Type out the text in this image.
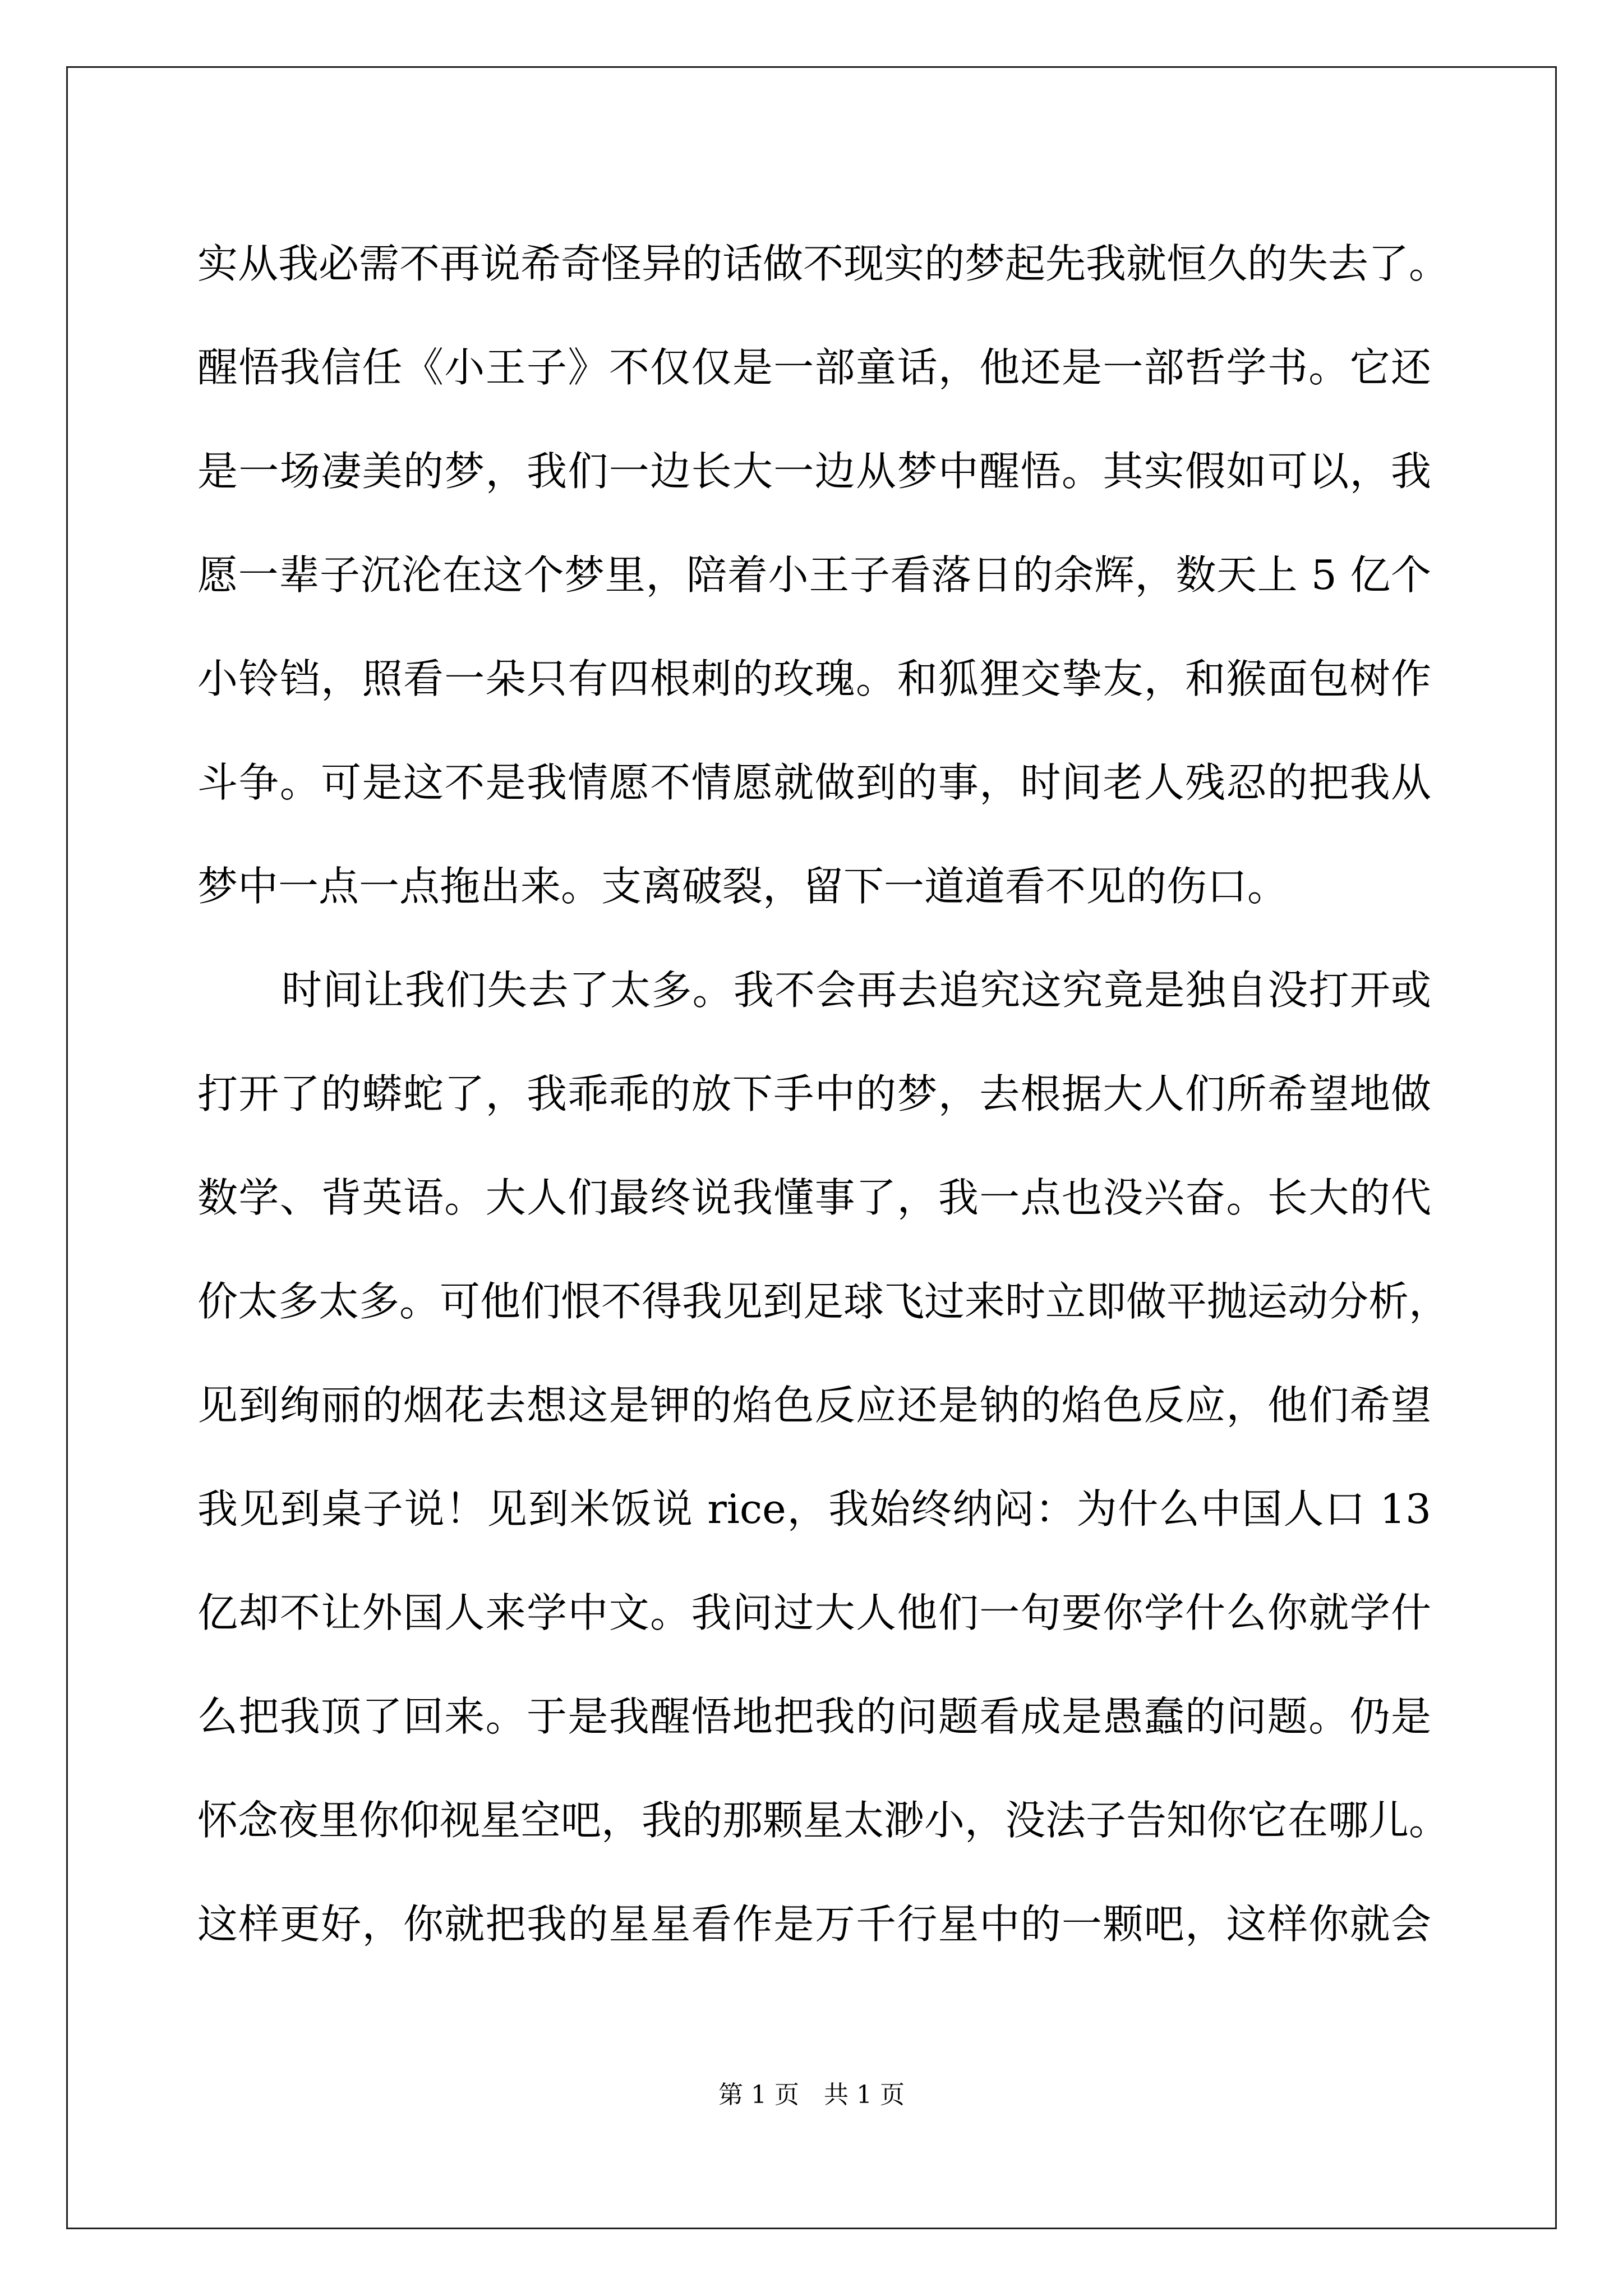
实从我必需不再说希奇怪异的话做不现实的梦起先我就恒久的失去了。
醒悟我信任《小王子》不仅仅是一部童话，他还是一部哲学书。它还
是一场凄美的梦，我们一边长大一边从梦中醒悟。其实假如可以，我
愿一辈子沉沦在这个梦里，陪着小王子看落日的余辉，数天上 5 亿个
小铃铛，照看一朵只有四根刺的玫瑰。和狐狸交挚友，和猴面包树作
斗争。可是这不是我情愿不情愿就做到的事，时间老人残忍的把我从
梦中一点一点拖出来。支离破裂，留下一道道看不见的伤口。
时间让我们失去了太多。我不会再去追究这究竟是独自没打开或
打开了的蟒蛇了，我乖乖的放下手中的梦，去根据大人们所希望地做
数学、背英语。大人们最终说我懂事了，我一点也没兴奋。长大的代
价太多太多。可他们恨不得我见到足球飞过来时立即做平抛运动分析，
见到绚丽的烟花去想这是钾的焰色反应还是钠的焰色反应，他们希望
我见到桌子说！见到米饭说 rice，我始终纳闷：为什么中国人口 13
亿却不让外国人来学中文。我问过大人他们一句要你学什么你就学什
么把我顶了回来。于是我醒悟地把我的问题看成是愚蠢的问题。仍是
怀念夜里你仰视星空吧，我的那颗星太渺小，没法子告知你它在哪儿。
这样更好，你就把我的星星看作是万千行星中的一颗吧，这样你就会
第 1 页 共 1 页
